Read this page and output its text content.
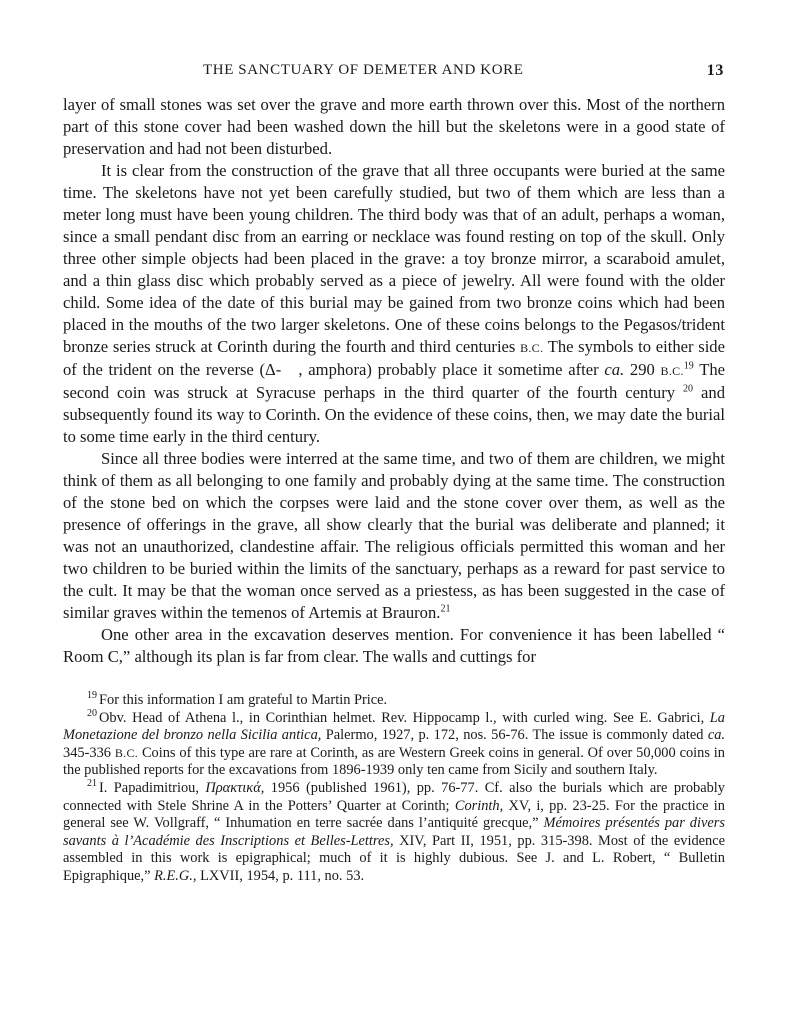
THE SANCTUARY OF DEMETER AND KORE	13

layer of small stones was set over the grave and more earth thrown over this. Most of the northern part of this stone cover had been washed down the hill but the skeletons were in a good state of preservation and had not been disturbed.

It is clear from the construction of the grave that all three occupants were buried at the same time. The skeletons have not yet been carefully studied, but two of them which are less than a meter long must have been young children. The third body was that of an adult, perhaps a woman, since a small pendant disc from an earring or necklace was found resting on top of the skull. Only three other simple objects had been placed in the grave: a toy bronze mirror, a scaraboid amulet, and a thin glass disc which probably served as a piece of jewelry. All were found with the older child. Some idea of the date of this burial may be gained from two bronze coins which had been placed in the mouths of the two larger skeletons. One of these coins belongs to the Pegasos/trident bronze series struck at Corinth during the fourth and third centuries B.C. The symbols to either side of the trident on the reverse (Δ- , amphora) probably place it sometime after ca. 290 B.C.$^{19}$ The second coin was struck at Syracuse perhaps in the third quarter of the fourth century $^{20}$ and subsequently found its way to Corinth. On the evidence of these coins, then, we may date the burial to some time early in the third century.

Since all three bodies were interred at the same time, and two of them are children, we might think of them as all belonging to one family and probably dying at the same time. The construction of the stone bed on which the corpses were laid and the stone cover over them, as well as the presence of offerings in the grave, all show clearly that the burial was deliberate and planned; it was not an unauthorized, clandestine affair. The religious officials permitted this woman and her two children to be buried within the limits of the sanctuary, perhaps as a reward for past service to the cult. It may be that the woman once served as a priestess, as has been suggested in the case of similar graves within the temenos of Artemis at Brauron.$^{21}$

One other area in the excavation deserves mention. For convenience it has been labelled “ Room C,” although its plan is far from clear. The walls and cuttings for

$^{19}$ For this information I am grateful to Martin Price.

$^{20}$ Obv. Head of Athena l., in Corinthian helmet. Rev. Hippocamp l., with curled wing. See E. Gabrici, La Monetazione del bronzo nella Sicilia antica, Palermo, 1927, p. 172, nos. 56-76. The issue is commonly dated ca. 345-336 B.C. Coins of this type are rare at Corinth, as are Western Greek coins in general. Of over 50,000 coins in the published reports for the excavations from 1896-1939 only ten came from Sicily and southern Italy.

$^{21}$ I. Papadimitriou, Πρακτικά, 1956 (published 1961), pp. 76-77. Cf. also the burials which are probably connected with Stele Shrine A in the Potters’ Quarter at Corinth; Corinth, XV, i, pp. 23-25. For the practice in general see W. Vollgraff, “ Inhumation en terre sacrée dans l’antiquité grecque,” Mémoires présentés par divers savants à l’Académie des Inscriptions et Belles-Lettres, XIV, Part II, 1951, pp. 315-398. Most of the evidence assembled in this work is epigraphical; much of it is highly dubious. See J. and L. Robert, “ Bulletin Epigraphique,” R.E.G., LXVII, 1954, p. 111, no. 53.
